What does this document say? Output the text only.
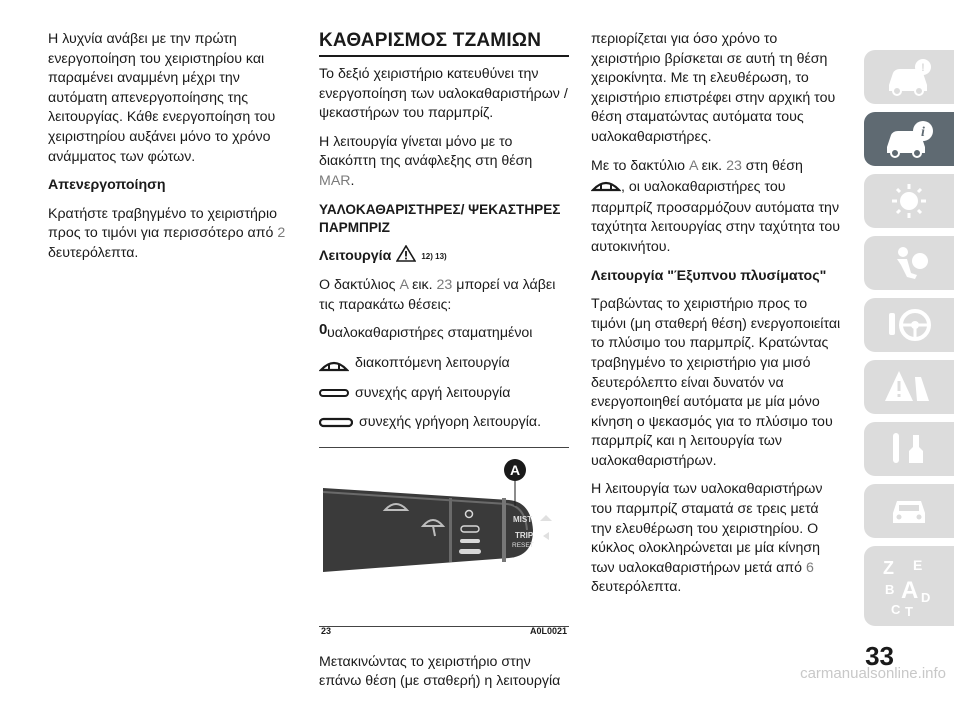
Η λυχνία ανάβει με την πρώτη ενεργοποίηση του χειριστηρίου και παραμένει αναμμένη μέχρι την αυτόματη απενεργοποίησης της λειτουργίας. Κάθε ενεργοποίηση του χειριστηρίου αυξάνει μόνο το χρόνο ανάμματος των φώτων.

Απενεργοποίηση

Κρατήστε τραβηγμένο το χειριστήριο προς το τιμόνι για περισσότερο από 2 δευτερόλεπτα.

ΚΑΘΑΡΙΣΜΟΣ ΤΖΑΜΙΩΝ

Το δεξιό χειριστήριο κατευθύνει την ενεργοποίηση των υαλοκαθαριστήρων /ψεκαστήρων του παρμπρίζ.

Η λειτουργία γίνεται μόνο με το διακόπτη της ανάφλεξης στη θέση MAR.

ΥΑΛΟΚΑΘΑΡΙΣΤΗΡΕΣ/ ΨΕΚΑΣΤΗΡΕΣ ΠΑΡΜΠΡΙΖ
Λειτουργία	12) 13)

Ο δακτύλιος A εικ. 23 μπορεί να λάβει τις παρακάτω θέσεις:

0 υαλοκαθαριστήρες σταματημένοι
διακοπτόμενη λειτουργία
συνεχής αργή λειτουργία
συνεχής γρήγορη λειτουργία.
MIST
TRIP
RESET
A
23	A0L0021

Μετακινώντας το χειριστήριο στην επάνω θέση (με σταθερή) η λειτουργία

περιορίζεται για όσο χρόνο το χειριστήριο βρίσκεται σε αυτή τη θέση χειροκίνητα. Με τη ελευθέρωση, το χειριστήριο επιστρέφει στην αρχική του θέση σταματώντας αυτόματα τους υαλοκαθαριστήρες.

Με το δακτύλιο A εικ. 23 στη θέση
, οι υαλοκαθαριστήρες του παρμπρίζ προσαρμόζουν αυτόματα την ταχύτητα λειτουργίας στην ταχύτητα του αυτοκινήτου.

Λειτουργία "Έξυπνου πλυσίματος"

Τραβώντας το χειριστήριο προς το τιμόνι (μη σταθερή θέση) ενεργοποιείται το πλύσιμο του παρμπρίζ. Κρατώντας τραβηγμένο το χειριστήριο για μισό δευτερόλεπτο είναι δυνατόν να ενεργοποιηθεί αυτόματα με μία μόνο κίνηση ο ψεκασμός για το πλύσιμο του παρμπρίζ και η λειτουργία των υαλοκαθαριστήρων.

Η λειτουργία των υαλοκαθαριστήρων του παρμπρίζ σταματά σε τρεις μετά την ελευθέρωση του χειριστηρίου. Ο κύκλος ολοκληρώνεται με μία κίνηση των υαλοκαθαριστήρων μετά από 6 δευτερόλεπτα.

!
i
Z E
B A D
C T
33
carmanualsonline.info
